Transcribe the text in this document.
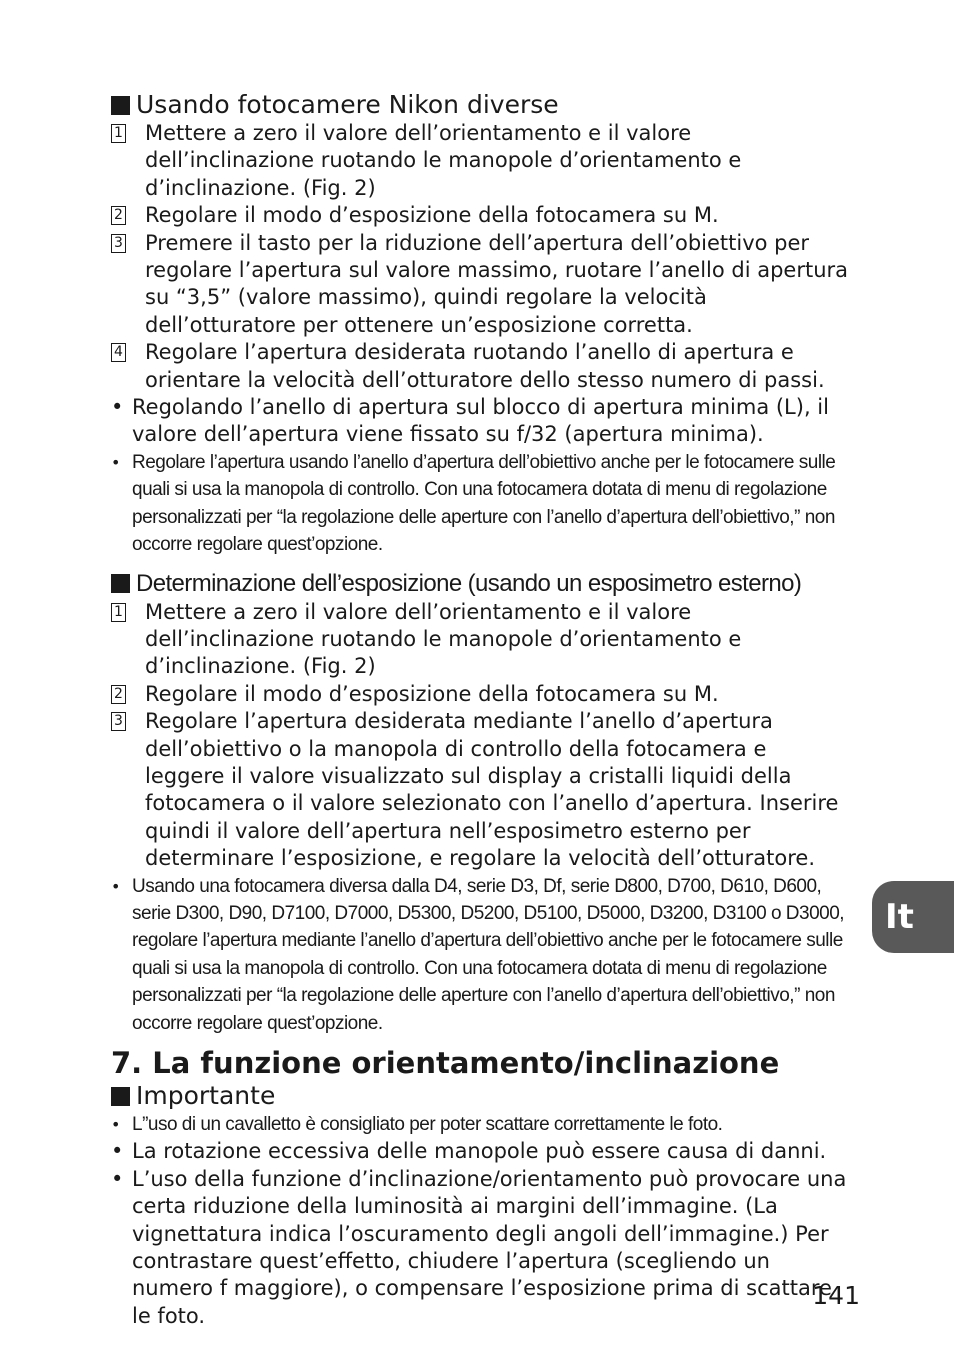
Usando fotocamere Nikon diverse
1 Mettere a zero il valore dell’orientamento e il valore dell’inclinazione ruotando le manopole d’orientamento e d’inclinazione. (Fig. 2)
2 Regolare il modo d’esposizione della fotocamera su M.
3 Premere il tasto per la riduzione dell’apertura dell’obiettivo per regolare l’apertura sul valore massimo, ruotare l’anello di apertura su “3,5” (valore massimo), quindi regolare la velocità dell’otturatore per ottenere un’esposizione corretta.
4 Regolare l’apertura desiderata ruotando l’anello di apertura e orientare la velocità dell’otturatore dello stesso numero di passi.
• Regolando l’anello di apertura sul blocco di apertura minima (L), il valore dell’apertura viene fissato su f/32 (apertura minima).
• Regolare l’apertura usando l’anello d’apertura dell’obiettivo anche per le fotocamere sulle quali si usa la manopola di controllo. Con una fotocamera dotata di menu di regolazione personalizzati per “la regolazione delle aperture con l’anello d’apertura dell’obiettivo,” non occorre regolare quest’opzione.
Determinazione dell’esposizione (usando un esposimetro esterno)
1 Mettere a zero il valore dell’orientamento e il valore dell’inclinazione ruotando le manopole d’orientamento e d’inclinazione. (Fig. 2)
2 Regolare il modo d’esposizione della fotocamera su M.
3 Regolare l’apertura desiderata mediante l’anello d’apertura dell’obiettivo o la manopola di controllo della fotocamera e leggere il valore visualizzato sul display a cristalli liquidi della fotocamera o il valore selezionato con l’anello d’apertura. Inserire quindi il valore dell’apertura nell’esposimetro esterno per determinare l’esposizione, e regolare la velocità dell’otturatore.
• Usando una fotocamera diversa dalla D4, serie D3, Df, serie D800, D700, D610, D600, serie D300, D90, D7100, D7000, D5300, D5200, D5100, D5000, D3200, D3100 o D3000, regolare l’apertura mediante l’anello d’apertura dell’obiettivo anche per le fotocamere sulle quali si usa la manopola di controllo. Con una fotocamera dotata di menu di regolazione personalizzati per “la regolazione delle aperture con l’anello d’apertura dell’obiettivo,” non occorre regolare quest’opzione.
7. La funzione orientamento/inclinazione
Importante
• L”uso di un cavalletto è consigliato per poter scattare correttamente le foto.
• La rotazione eccessiva delle manopole può essere causa di danni.
• L’uso della funzione d’inclinazione/orientamento può provocare una certa riduzione della luminosità ai margini dell’immagine. (La vignettatura indica l’oscuramento degli angoli dell’immagine.) Per contrastare quest’effetto, chiudere l’apertura (scegliendo un numero f maggiore), o compensare l’esposizione prima di scattare le foto.
It
141
